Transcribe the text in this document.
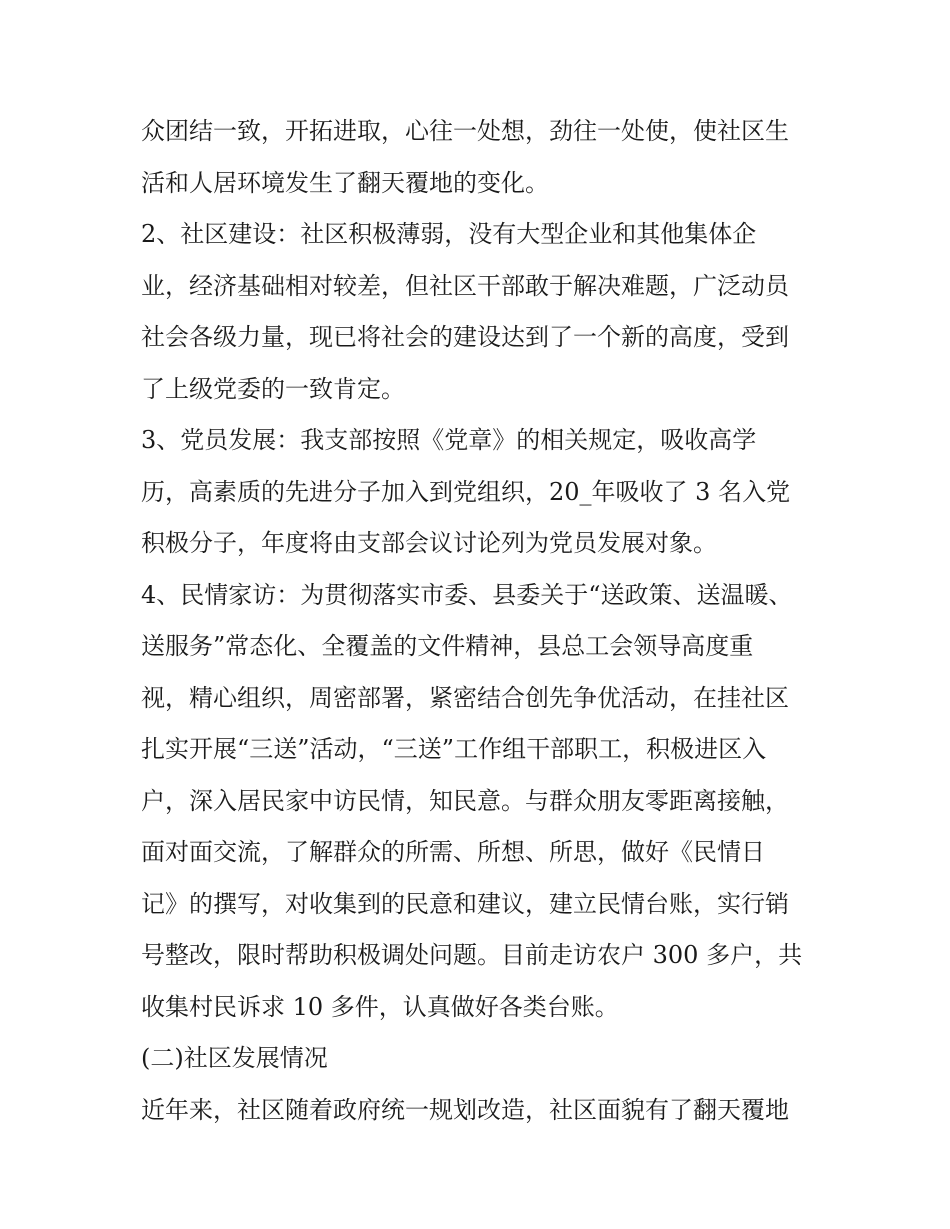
众团结一致，开拓进取，心往一处想，劲往一处使，使社区生
活和人居环境发生了翻天覆地的变化。
2、社区建设：社区积极薄弱，没有大型企业和其他集体企
业，经济基础相对较差，但社区干部敢于解决难题，广泛动员
社会各级力量，现已将社会的建设达到了一个新的高度，受到
了上级党委的一致肯定。
3、党员发展：我支部按照《党章》的相关规定，吸收高学
历，高素质的先进分子加入到党组织，20_年吸收了 3 名入党
积极分子，年度将由支部会议讨论列为党员发展对象。
4、民情家访：为贯彻落实市委、县委关于“送政策、送温暖、
送服务”常态化、全覆盖的文件精神，县总工会领导高度重
视，精心组织，周密部署，紧密结合创先争优活动，在挂社区
扎实开展“三送”活动，“三送”工作组干部职工，积极进区入
户，深入居民家中访民情，知民意。与群众朋友零距离接触，
面对面交流，了解群众的所需、所想、所思，做好《民情日
记》的撰写，对收集到的民意和建议，建立民情台账，实行销
号整改，限时帮助积极调处问题。目前走访农户 300 多户，共
收集村民诉求 10 多件，认真做好各类台账。
(二)社区发展情况
近年来，社区随着政府统一规划改造，社区面貌有了翻天覆地
